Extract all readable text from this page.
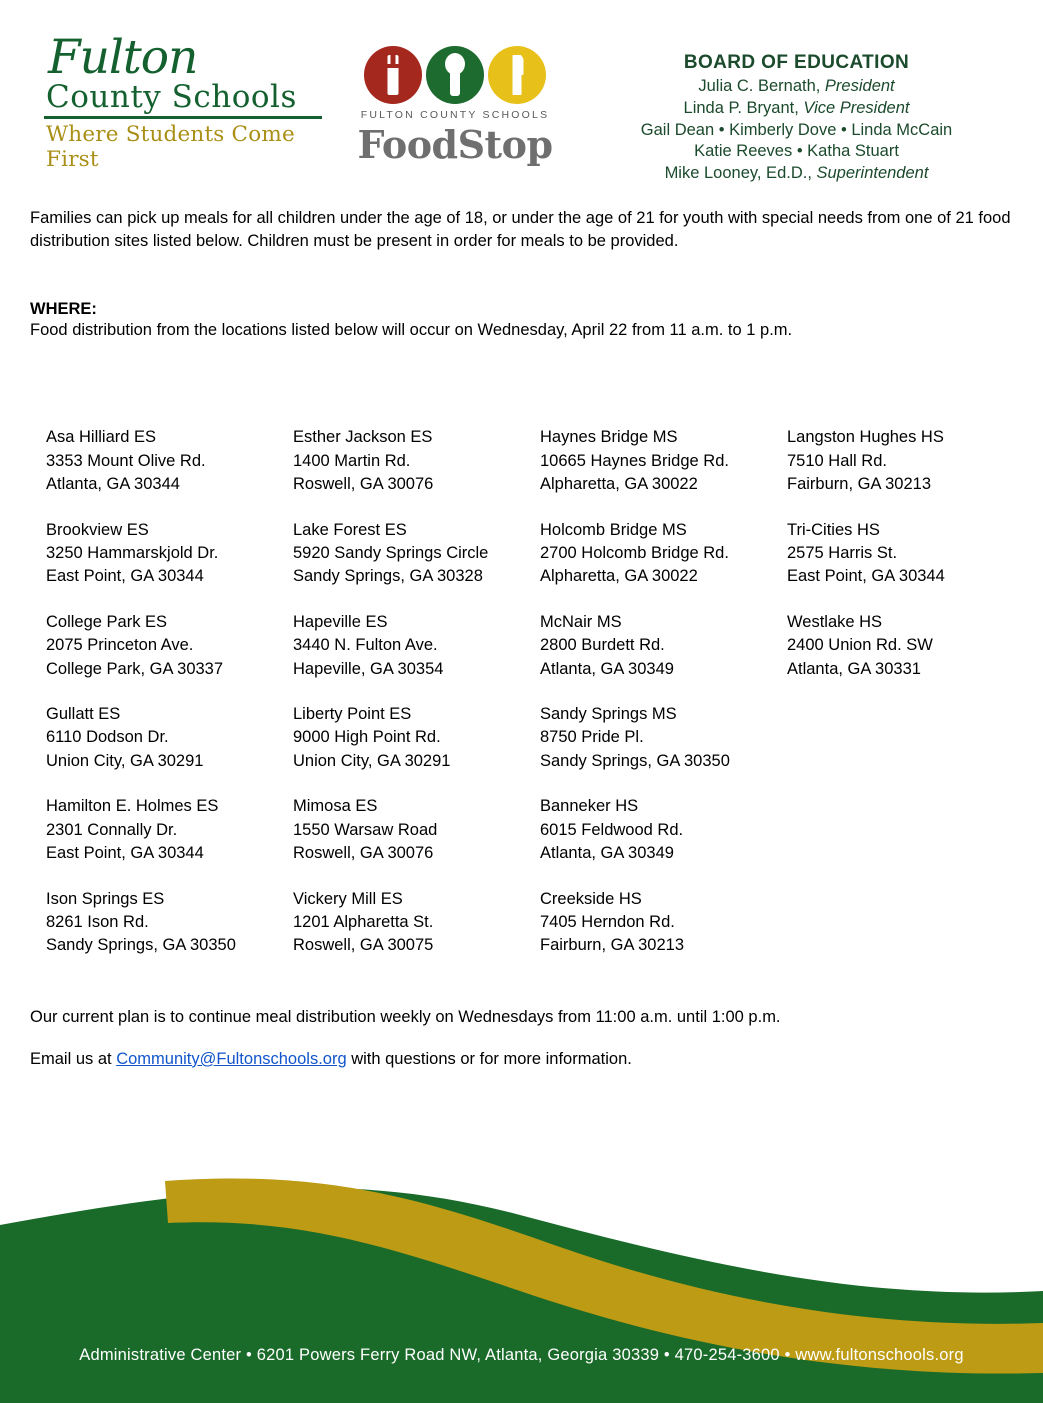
Fulton
County Schools
Where Students Come First
FULTON COUNTY SCHOOLS
FoodStop
BOARD OF EDUCATION
Julia C. Bernath, President
Linda P. Bryant, Vice President
Gail Dean • Kimberly Dove • Linda McCain
Katie Reeves • Katha Stuart
Mike Looney, Ed.D., Superintendent

Families can pick up meals for all children under the age of 18, or under the age of 21 for youth with special needs from one of 21 food distribution sites listed below. Children must be present in order for meals to be provided.

WHERE:
Food distribution from the locations listed below will occur on Wednesday, April 22 from 11 a.m. to 1 p.m.
Asa Hilliard ES
3353 Mount Olive Rd.
Atlanta, GA 30344
Brookview ES
3250 Hammarskjold Dr.
East Point, GA 30344
College Park ES
2075 Princeton Ave.
College Park, GA 30337
Gullatt ES
6110 Dodson Dr.
Union City, GA 30291
Hamilton E. Holmes ES
2301 Connally Dr.
East Point, GA 30344
Ison Springs ES
8261 Ison Rd.
Sandy Springs, GA 30350
Esther Jackson ES
1400 Martin Rd.
Roswell, GA 30076
Lake Forest ES
5920 Sandy Springs Circle
Sandy Springs, GA 30328
Hapeville ES
3440 N. Fulton Ave.
Hapeville, GA 30354
Liberty Point ES
9000 High Point Rd.
Union City, GA 30291
Mimosa ES
1550 Warsaw Road
Roswell, GA 30076
Vickery Mill ES
1201 Alpharetta St.
Roswell, GA 30075
Haynes Bridge MS
10665 Haynes Bridge Rd.
Alpharetta, GA 30022
Holcomb Bridge MS
2700 Holcomb Bridge Rd.
Alpharetta, GA 30022
McNair MS
2800 Burdett Rd.
Atlanta, GA 30349
Sandy Springs MS
8750 Pride Pl.
Sandy Springs, GA 30350
Banneker HS
6015 Feldwood Rd.
Atlanta, GA 30349
Creekside HS
7405 Herndon Rd.
Fairburn, GA 30213
Langston Hughes HS
7510 Hall Rd.
Fairburn, GA 30213
Tri-Cities HS
2575 Harris St.
East Point, GA 30344
Westlake HS
2400 Union Rd. SW
Atlanta, GA 30331
Our current plan is to continue meal distribution weekly on Wednesdays from 11:00 a.m. until 1:00 p.m.
Email us at Community@Fultonschools.org with questions or for more information.
Administrative Center • 6201 Powers Ferry Road NW, Atlanta, Georgia 30339 • 470-254-3600 • www.fultonschools.org
